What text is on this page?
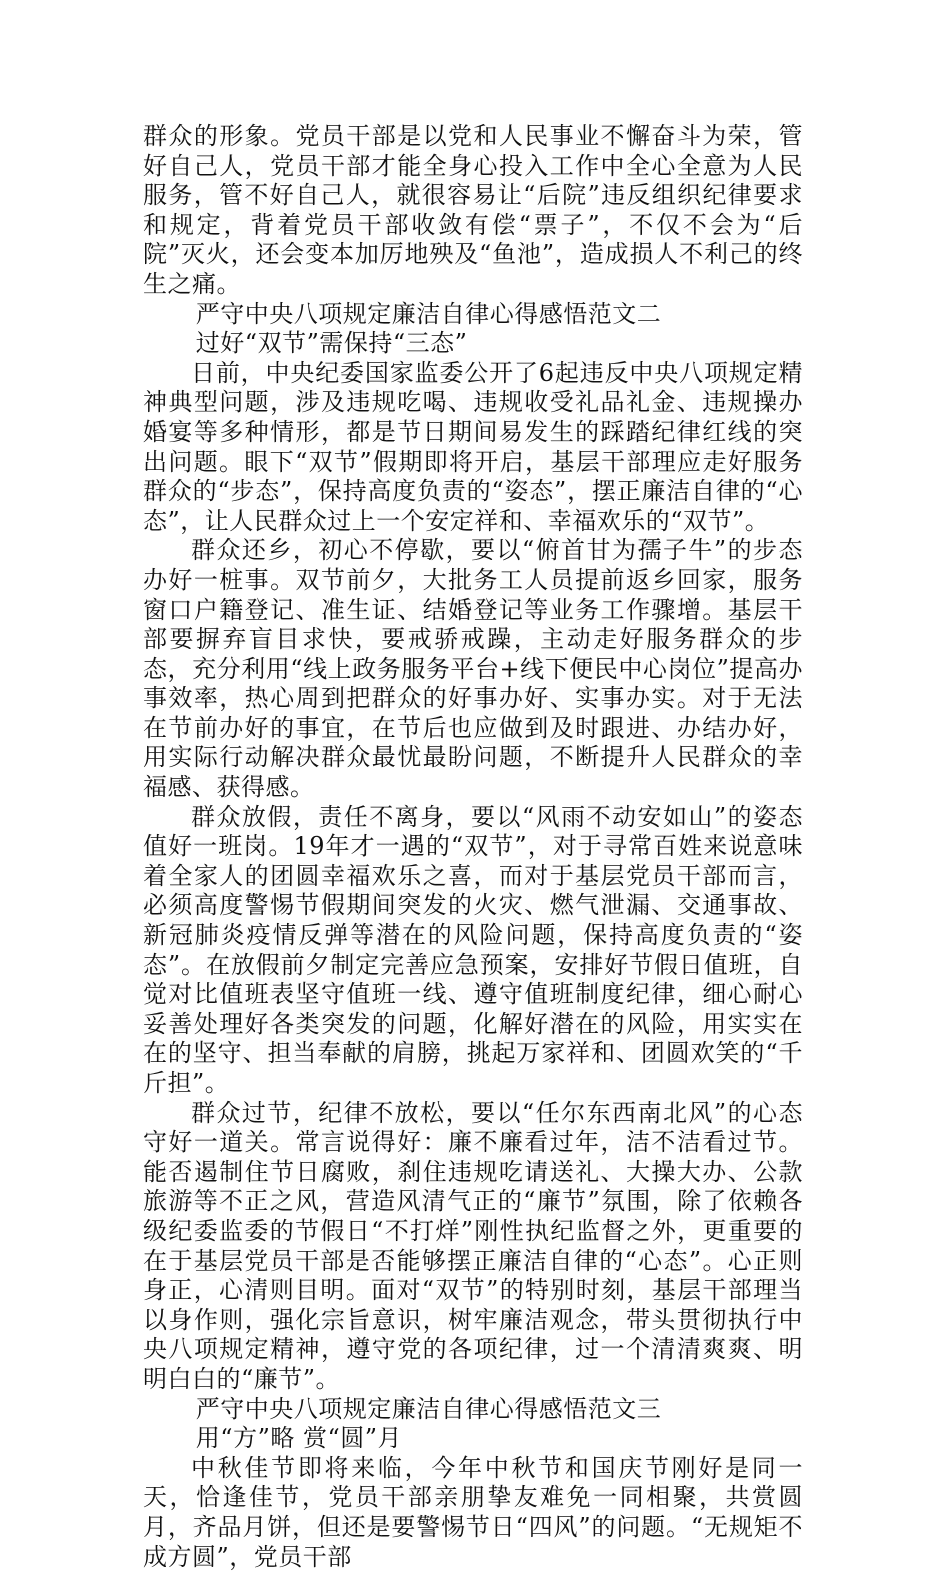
群众的形象。党员干部是以党和人民事业不懈奋斗为荣，管好自己人，党员干部才能全身心投入工作中全心全意为人民服务，管不好自己人，就很容易让“后院”违反组织纪律要求和规定，背着党员干部收敛有偿“票子”，不仅不会为“后院”灭火，还会变本加厉地殃及“鱼池”，造成损人不利己的终生之痛。

严守中央八项规定廉洁自律心得感悟范文二

过好“双节”需保持“三态”

日前，中央纪委国家监委公开了6起违反中央八项规定精神典型问题，涉及违规吃喝、违规收受礼品礼金、违规操办婚宴等多种情形，都是节日期间易发生的踩踏纪律红线的突出问题。眼下“双节”假期即将开启，基层干部理应走好服务群众的“步态”，保持高度负责的“姿态”，摆正廉洁自律的“心态”，让人民群众过上一个安定祥和、幸福欢乐的“双节”。

群众还乡，初心不停歇，要以“俯首甘为孺子牛”的步态办好一桩事。双节前夕，大批务工人员提前返乡回家，服务窗口户籍登记、准生证、结婚登记等业务工作骤增。基层干部要摒弃盲目求快，要戒骄戒躁，主动走好服务群众的步态，充分利用“线上政务服务平台+线下便民中心岗位”提高办事效率，热心周到把群众的好事办好、实事办实。对于无法在节前办好的事宜，在节后也应做到及时跟进、办结办好，用实际行动解决群众最忧最盼问题，不断提升人民群众的幸福感、获得感。

群众放假，责任不离身，要以“风雨不动安如山”的姿态值好一班岗。19年才一遇的“双节”，对于寻常百姓来说意味着全家人的团圆幸福欢乐之喜，而对于基层党员干部而言，必须高度警惕节假期间突发的火灾、燃气泄漏、交通事故、新冠肺炎疫情反弹等潜在的风险问题，保持高度负责的“姿态”。在放假前夕制定完善应急预案，安排好节假日值班，自觉对比值班表坚守值班一线、遵守值班制度纪律，细心耐心妥善处理好各类突发的问题，化解好潜在的风险，用实实在在的坚守、担当奉献的肩膀，挑起万家祥和、团圆欢笑的“千斤担”。

群众过节，纪律不放松，要以“任尔东西南北风”的心态守好一道关。常言说得好：廉不廉看过年，洁不洁看过节。能否遏制住节日腐败，刹住违规吃请送礼、大操大办、公款旅游等不正之风，营造风清气正的“廉节”氛围，除了依赖各级纪委监委的节假日“不打烊”刚性执纪监督之外，更重要的在于基层党员干部是否能够摆正廉洁自律的“心态”。心正则身正，心清则目明。面对“双节”的特别时刻，基层干部理当以身作则，强化宗旨意识，树牢廉洁观念，带头贯彻执行中央八项规定精神，遵守党的各项纪律，过一个清清爽爽、明明白白的“廉节”。

严守中央八项规定廉洁自律心得感悟范文三

用“方”略 赏“圆”月

中秋佳节即将来临，今年中秋节和国庆节刚好是同一天，恰逢佳节，党员干部亲朋挚友难免一同相聚，共赏圆月，齐品月饼，但还是要警惕节日“四风”的问题。“无规矩不成方圆”，党员干部
